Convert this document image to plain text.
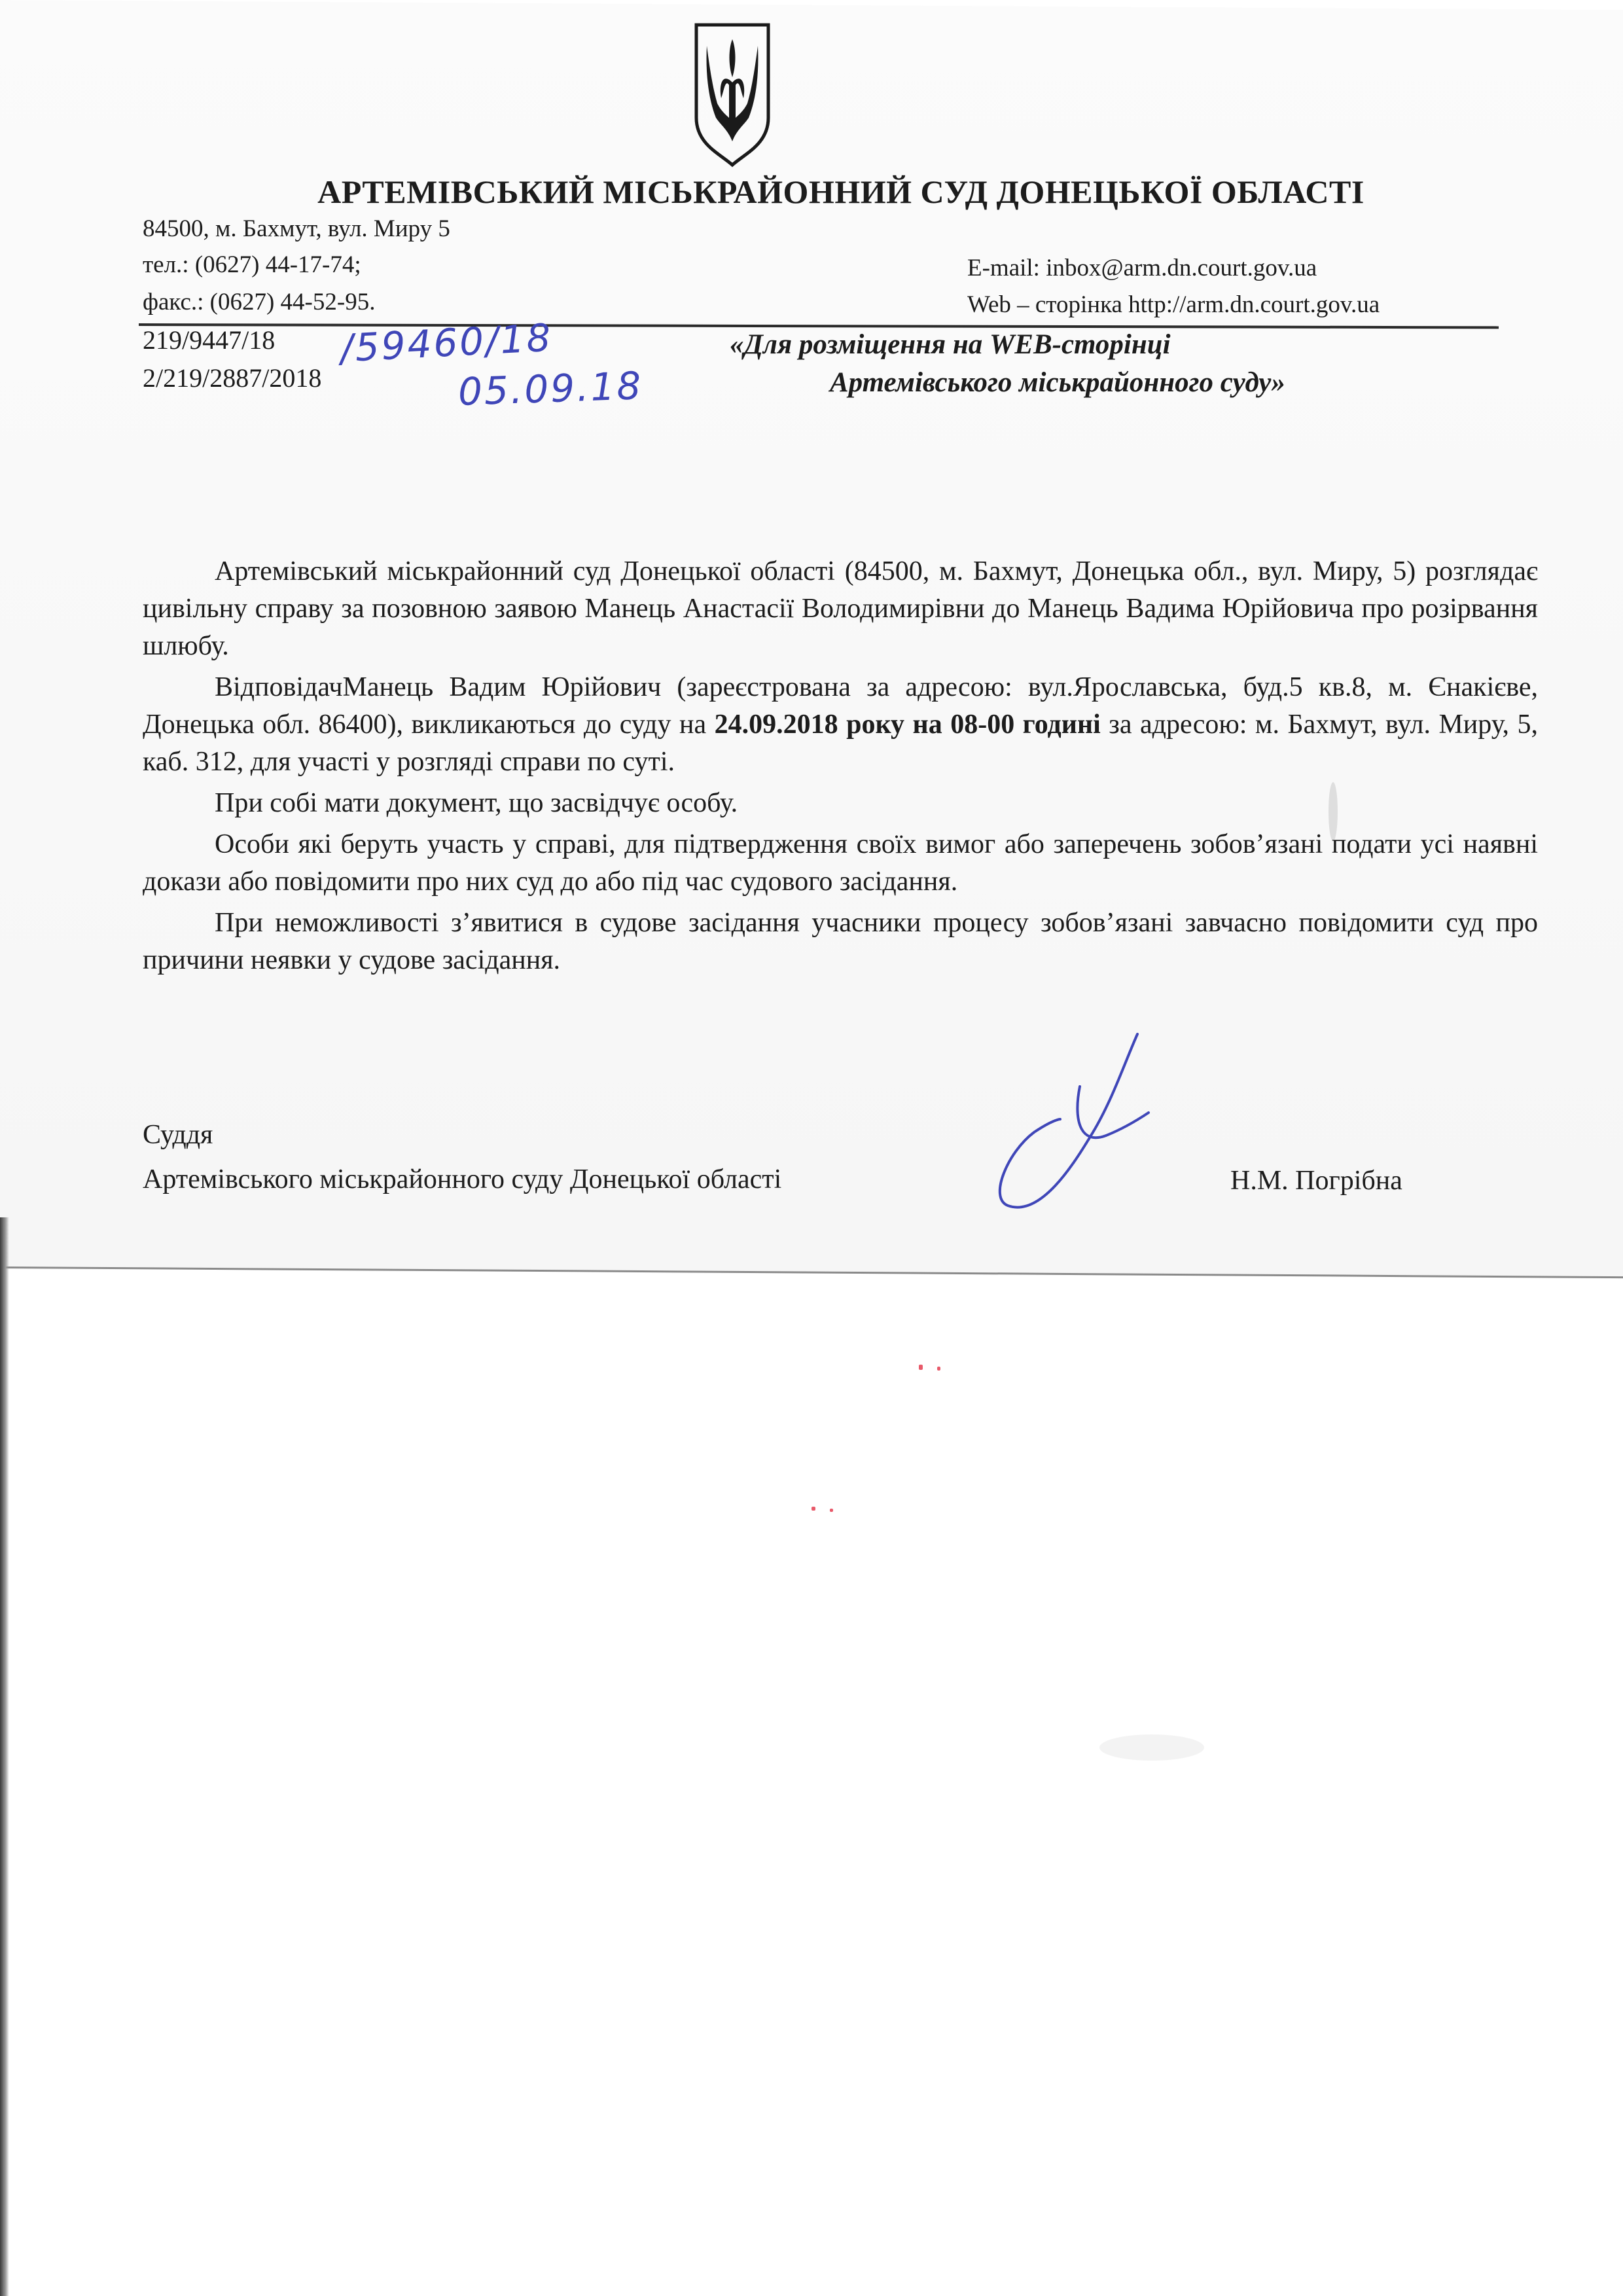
АРТЕМІВСЬКИЙ МІСЬКРАЙОННИЙ СУД ДОНЕЦЬКОЇ ОБЛАСТІ
84500, м. Бахмут, вул. Миру 5
тел.: (0627) 44-17-74;
факс.: (0627) 44-52-95.
E-mail: inbox@arm.dn.court.gov.ua
Web – сторінка http://arm.dn.court.gov.ua
219/9447/18
2/219/2887/2018
/59460/18
05.09.18
«Для розміщення на WEB-сторінці
Артемівського міськрайонного суду»

Артемівський міськрайонний суд Донецької області (84500, м. Бахмут, Донецька обл., вул. Миру, 5) розглядає цивільну справу за позовною заявою Манець Анастасії Володимирівни до Манець Вадима Юрійовича про розірвання шлюбу.

ВідповідачМанець Вадим Юрійович (зареєстрована за адресою: вул.Ярославська, буд.5 кв.8, м. Єнакієве, Донецька обл. 86400), викликаються до суду на 24.09.2018 року на 08-00 годині за адресою: м. Бахмут, вул. Миру, 5, каб. 312, для участі у розгляді справи по суті.

При собі мати документ, що засвідчує особу.

Особи які беруть участь у справі, для підтвердження своїх вимог або заперечень зобов’язані подати усі наявні докази або повідомити про них суд до або під час судового засідання.

При неможливості з’явитися в судове засідання учасники процесу зобов’язані завчасно повідомити суд про причини неявки у судове засідання.

Суддя
Артемівського міськрайонного суду Донецької області	Н.М. Погрібна
